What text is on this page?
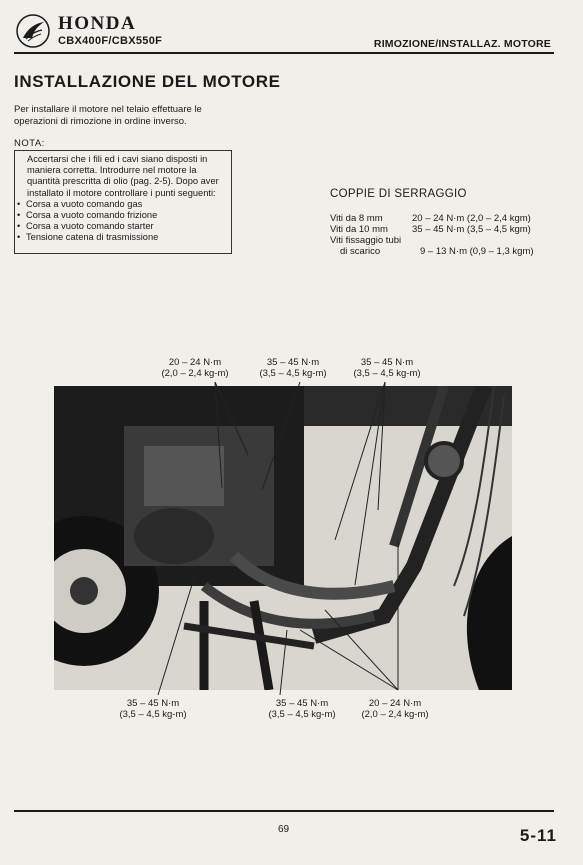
HONDA
CBX400F/CBX550F	RIMOZIONE/INSTALLAZ. MOTORE
INSTALLAZIONE DEL MOTORE
Per installare il motore nel telaio effettuare le operazioni di rimozione in ordine inverso.
NOTA:
Accertarsi che i fili ed i cavi siano disposti in maniera corretta. Introdurre nel motore la quantità prescritta di olio (pag. 2-5). Dopo aver installato il motore controllare i punti seguenti:
• Corsa a vuoto comando gas
• Corsa a vuoto comando frizione
• Corsa a vuoto comando starter
• Tensione catena di trasmissione
COPPIE DI SERRAGGIO
Viti da 8 mm	20 – 24 N·m (2,0 – 2,4 kgm)
Viti da 10 mm	35 – 45 N·m (3,5 – 4,5 kgm)
Viti fissaggio tubi
di scarico	9 – 13 N·m (0,9 – 1,3 kgm)
20 – 24 N·m
(2,0 – 2,4 kg-m)
35 – 45 N·m
(3,5 – 4,5 kg-m)
35 – 45 N·m
(3,5 – 4,5 kg-m)
35 – 45 N·m
(3,5 – 4,5 kg-m)
35 – 45 N·m
(3,5 – 4,5 kg-m)
20 – 24 N·m
(2,0 – 2,4 kg-m)
69	5-11
